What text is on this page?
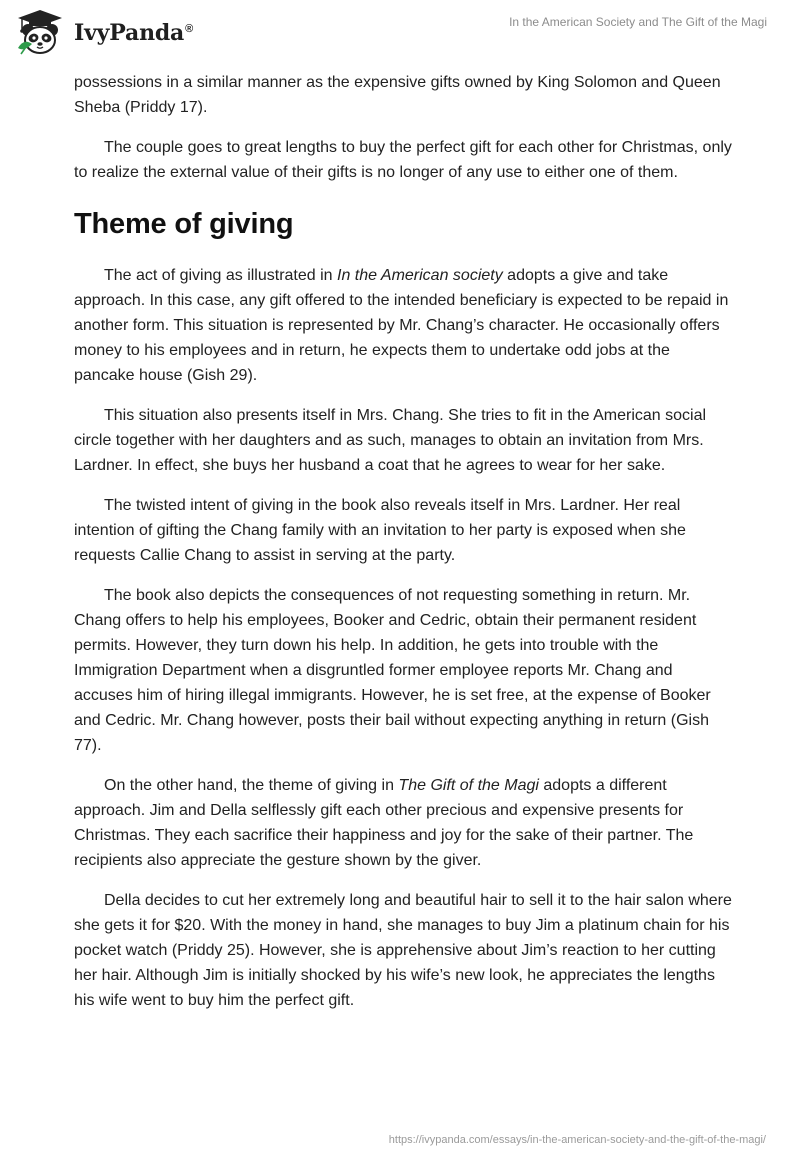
IvyPanda®	In the American Society and The Gift of the Magi

possessions in a similar manner as the expensive gifts owned by King Solomon and Queen Sheba (Priddy 17).

The couple goes to great lengths to buy the perfect gift for each other for Christmas, only to realize the external value of their gifts is no longer of any use to either one of them.

Theme of giving

The act of giving as illustrated in In the American society adopts a give and take approach. In this case, any gift offered to the intended beneficiary is expected to be repaid in another form. This situation is represented by Mr. Chang’s character. He occasionally offers money to his employees and in return, he expects them to undertake odd jobs at the pancake house (Gish 29).

This situation also presents itself in Mrs. Chang. She tries to fit in the American social circle together with her daughters and as such, manages to obtain an invitation from Mrs. Lardner. In effect, she buys her husband a coat that he agrees to wear for her sake.

The twisted intent of giving in the book also reveals itself in Mrs. Lardner. Her real intention of gifting the Chang family with an invitation to her party is exposed when she requests Callie Chang to assist in serving at the party.

The book also depicts the consequences of not requesting something in return. Mr. Chang offers to help his employees, Booker and Cedric, obtain their permanent resident permits. However, they turn down his help. In addition, he gets into trouble with the Immigration Department when a disgruntled former employee reports Mr. Chang and accuses him of hiring illegal immigrants. However, he is set free, at the expense of Booker and Cedric. Mr. Chang however, posts their bail without expecting anything in return (Gish 77).

On the other hand, the theme of giving in The Gift of the Magi adopts a different approach. Jim and Della selflessly gift each other precious and expensive presents for Christmas. They each sacrifice their happiness and joy for the sake of their partner. The recipients also appreciate the gesture shown by the giver.

Della decides to cut her extremely long and beautiful hair to sell it to the hair salon where she gets it for $20. With the money in hand, she manages to buy Jim a platinum chain for his pocket watch (Priddy 25). However, she is apprehensive about Jim’s reaction to her cutting her hair. Although Jim is initially shocked by his wife’s new look, he appreciates the lengths his wife went to buy him the perfect gift.

https://ivypanda.com/essays/in-the-american-society-and-the-gift-of-the-magi/
